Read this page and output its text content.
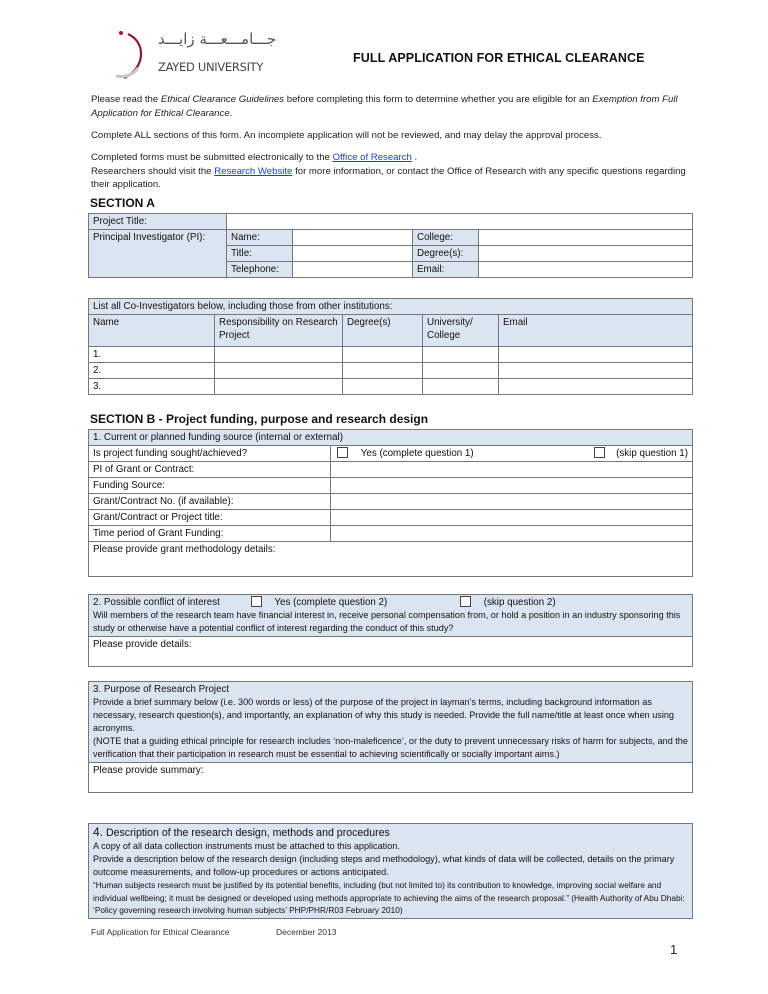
جـــامـــعـــة زايـــد
ZAYED UNIVERSITY
FULL APPLICATION FOR ETHICAL CLEARANCE
Please read the Ethical Clearance Guidelines before completing this form to determine whether you are eligible for an Exemption from Full Application for Ethical Clearance.
Complete ALL sections of this form. An incomplete application will not be reviewed, and may delay the approval process.
Completed forms must be submitted electronically to the Office of Research .
Researchers should visit the Research Website for more information, or contact the Office of Research with any specific questions regarding their application.
SECTION A
Project Title:				
Principal Investigator (PI):	Name:		College:	
	Title:		Degree(s):	
	Telephone:		Email:	
List all Co-Investigators below, including those from other institutions:				
Name	Responsibility on Research Project	Degree(s)	University/ College	Email
1.				
2.				
3.				
SECTION B - Project funding, purpose and research design
1. Current or planned funding source (internal or external)	
Is project funding sought/achieved?	Yes (complete question 1) (skip question 1)

PI of Grant or Contract:	
Funding Source:	
Grant/Contract No. (if available):	
Grant/Contract or Project title:	
Time period of Grant Funding:	
Please provide grant methodology details:	
2. Possible conflict of interest	Yes (complete question 2)	(skip question 2)
Will members of the research team have financial interest in, receive personal compensation from, or hold a position in an industry sponsoring this study or otherwise have a potential conflict of interest regarding the conduct of this study?

Please provide details:
3. Purpose of Research Project
Provide a brief summary below (i.e. 300 words or less) of the purpose of the project in layman’s terms, including background information as necessary, research question(s), and importantly, an explanation of why this study is needed. Provide the full name/title at least once when using acronyms.
(NOTE that a guiding ethical principle for research includes ‘non-maleficence’, or the duty to prevent unnecessary risks of harm for subjects, and the verification that their participation in research must be essential to achieving scientifically or socially important aims.)

Please provide summary:
4. Description of the research design, methods and procedures
A copy of all data collection instruments must be attached to this application.
Provide a description below of the research design (including steps and methodology), what kinds of data will be collected, details on the primary outcome measurements, and follow-up procedures or actions anticipated.
“Human subjects research must be justified by its potential benefits, including (but not limited to) its contribution to knowledge, improving social welfare and individual wellbeing; it must be designed or developed using methods appropriate to achieving the aims of the research proposal.” (Health Authority of Abu Dhabi: ‘Policy governing research involving human subjects’ PHP/PHR/R03 February 2010)
Full Application for Ethical Clearance	December 2013
1
